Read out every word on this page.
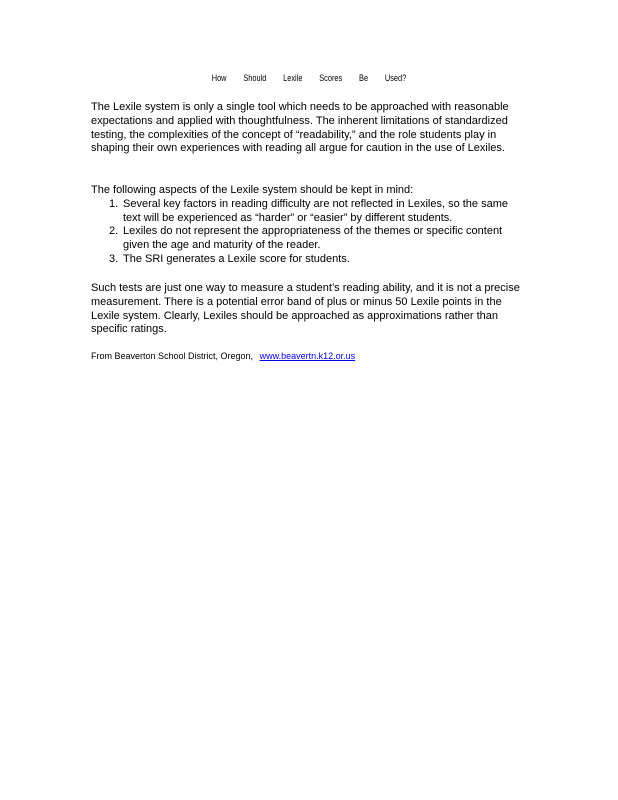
How Should Lexile Scores Be Used?
The Lexile system is only a single tool which needs to be approached with reasonable expectations and applied with thoughtfulness. The inherent limitations of standardized testing, the complexities of the concept of “readability,” and the role students play in shaping their own experiences with reading all argue for caution in the use of Lexiles.
The following aspects of the Lexile system should be kept in mind:
1. Several key factors in reading difficulty are not reflected in Lexiles, so the same text will be experienced as “harder” or “easier” by different students.
2. Lexiles do not represent the appropriateness of the themes or specific content given the age and maturity of the reader.
3. The SRI generates a Lexile score for students.
Such tests are just one way to measure a student’s reading ability, and it is not a precise measurement. There is a potential error band of plus or minus 50 Lexile points in the Lexile system. Clearly, Lexiles should be approached as approximations rather than specific ratings.
From Beaverton School District, Oregon, www.beavertn.k12.or.us
